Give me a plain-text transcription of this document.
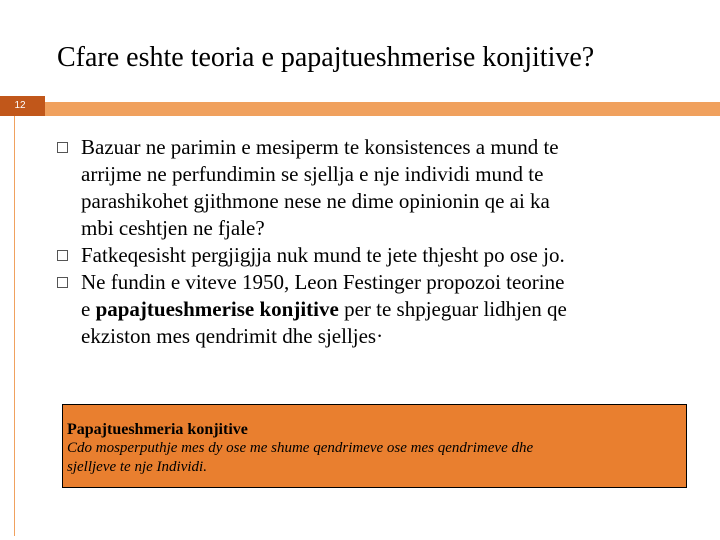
Cfare eshte teoria e papajtueshmerise konjitive?
12
Bazuar ne parimin e mesiperm te konsistences a mund te
arrijme ne perfundimin se sjellja e nje individi mund te
parashikohet gjithmone nese ne dime opinionin qe ai ka
mbi ceshtjen ne fjale?
Fatkeqesisht pergjigjja nuk mund te jete thjesht po ose jo.
Ne fundin e viteve 1950, Leon Festinger propozoi teorine
e papajtueshmerise konjitive per te shpjeguar lidhjen qe
ekziston mes qendrimit dhe sjelljes·
Papajtueshmeria konjitive
Cdo mosperputhje mes dy ose me shume qendrimeve ose mes qendrimeve dhe
sjelljeve te nje Individi.
